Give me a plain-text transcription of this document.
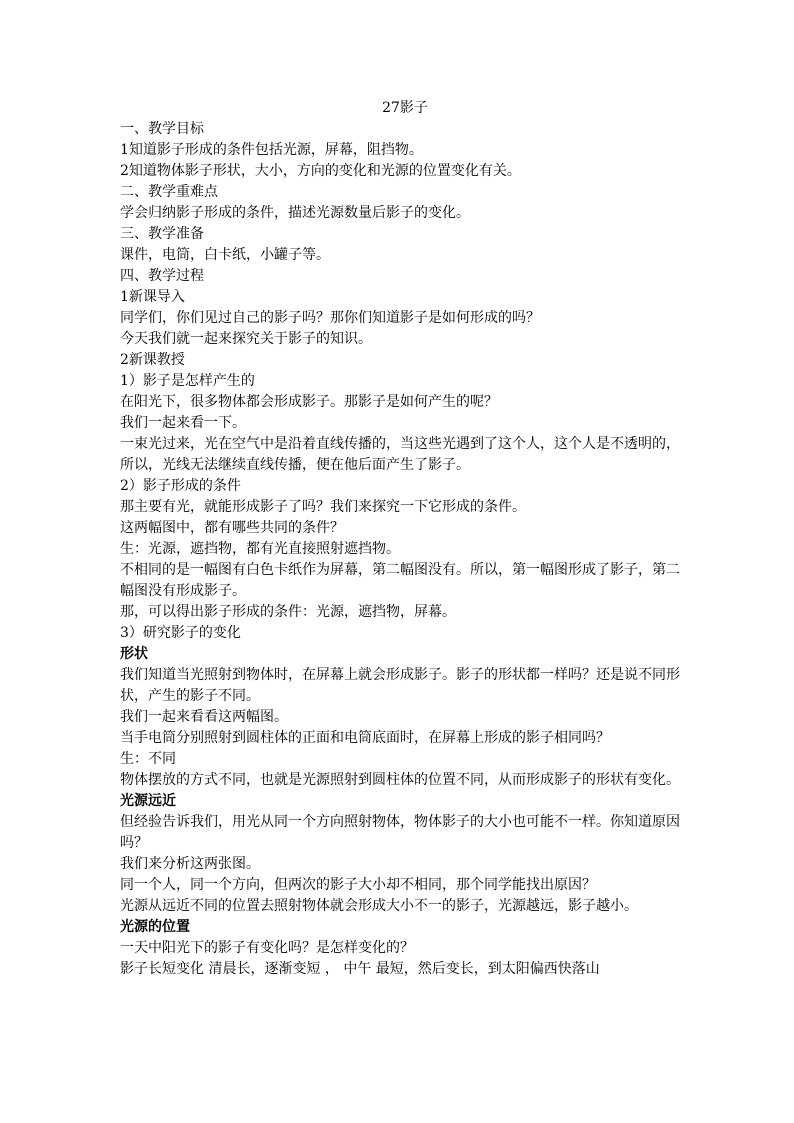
27影子
一、教学目标
1知道影子形成的条件包括光源，屏幕，阻挡物。
2知道物体影子形状，大小，方向的变化和光源的位置变化有关。
二、教学重难点
学会归纳影子形成的条件，描述光源数量后影子的变化。
三、教学准备
课件，电筒，白卡纸，小罐子等。
四、教学过程
1新课导入
同学们，你们见过自己的影子吗？那你们知道影子是如何形成的吗？
今天我们就一起来探究关于影子的知识。
2新课教授
1）影子是怎样产生的
在阳光下，很多物体都会形成影子。那影子是如何产生的呢？
我们一起来看一下。
一束光过来，光在空气中是沿着直线传播的，当这些光遇到了这个人，这个人是不透明的，所以，光线无法继续直线传播，便在他后面产生了影子。
2）影子形成的条件
那主要有光，就能形成影子了吗？我们来探究一下它形成的条件。
这两幅图中，都有哪些共同的条件？
生：光源，遮挡物，都有光直接照射遮挡物。
不相同的是一幅图有白色卡纸作为屏幕，第二幅图没有。所以，第一幅图形成了影子，第二幅图没有形成影子。
那，可以得出影子形成的条件：光源，遮挡物，屏幕。
3）研究影子的变化
形状
我们知道当光照射到物体时，在屏幕上就会形成影子。影子的形状都一样吗？还是说不同形状，产生的影子不同。
我们一起来看看这两幅图。
当手电筒分别照射到圆柱体的正面和电筒底面时，在屏幕上形成的影子相同吗？
生：不同
物体摆放的方式不同，也就是光源照射到圆柱体的位置不同，从而形成影子的形状有变化。
光源远近
但经验告诉我们，用光从同一个方向照射物体，物体影子的大小也可能不一样。你知道原因吗？
我们来分析这两张图。
同一个人，同一个方向，但两次的影子大小却不相同，那个同学能找出原因？
光源从远近不同的位置去照射物体就会形成大小不一的影子，光源越远，影子越小。
光源的位置
一天中阳光下的影子有变化吗？是怎样变化的？
影子长短变化 清晨长，逐渐变短 ， 中午 最短，然后变长，到太阳偏西快落山
